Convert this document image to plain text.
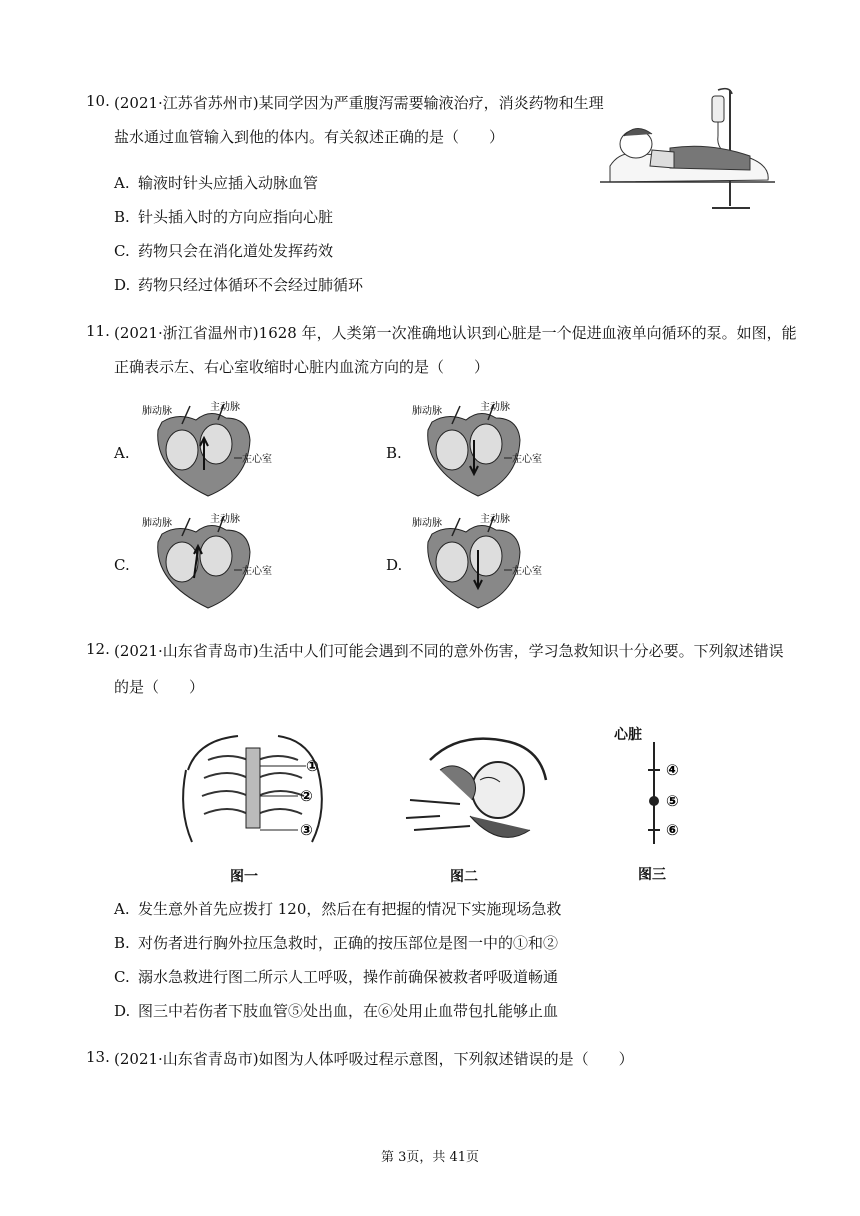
10. (2021·江苏省苏州市)某同学因为严重腹泻需要输液治疗，消炎药物和生理
盐水通过血管输入到他的体内。有关叙述正确的是（　　）
A. 输液时针头应插入动脉血管
B. 针头插入时的方向应指向心脏
C. 药物只会在消化道处发挥药效
D. 药物只经过体循环不会经过肺循环
11. (2021·浙江省温州市)1628 年，人类第一次准确地认识到心脏是一个促进血液单向循环的泵。如图，能
正确表示左、右心室收缩时心脏内血流方向的是（　　）
A.
肺动脉	主动脉
左心室	B.
肺动脉	主动脉
左心室
C.
肺动脉	主动脉
左心室	D.
肺动脉	主动脉
左心室
12. (2021·山东省青岛市)生活中人们可能会遇到不同的意外伤害，学习急救知识十分必要。下列叙述错误
的是（　　）
①
②
③
图一	图二
心脏
④
⑤
⑥
图三
A. 发生意外首先应拨打 120，然后在有把握的情况下实施现场急救
B. 对伤者进行胸外拉压急救时，正确的按压部位是图一中的①和②
C. 溺水急救进行图二所示人工呼吸，操作前确保被救者呼吸道畅通
D. 图三中若伤者下肢血管⑤处出血，在⑥处用止血带包扎能够止血
13. (2021·山东省青岛市)如图为人体呼吸过程示意图，下列叙述错误的是（　　）
第 3页，共 41页
